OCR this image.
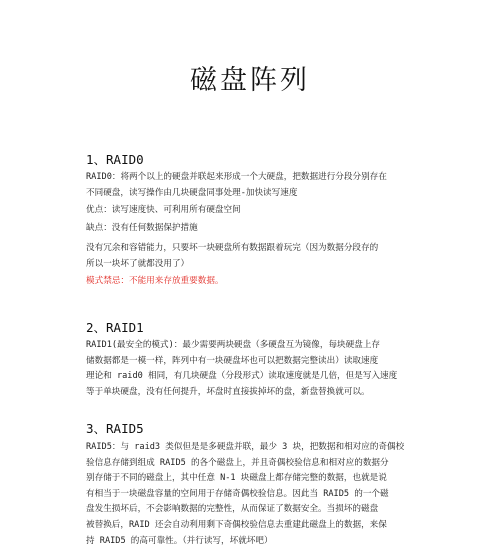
磁盘阵列
1、RAID0
RAID0：将两个以上的硬盘并联起来形成一个大硬盘，把数据进行分段分别存在
不同硬盘，读写操作由几块硬盘同事处理-加快读写速度
优点：读写速度快、可利用所有硬盘空间
缺点：没有任何数据保护措施
没有冗余和容错能力，只要坏一块硬盘所有数据跟着玩完（因为数据分段存的
所以一块坏了就都没用了）
模式禁忌：不能用来存放重要数据。
2、RAID1
RAID1(最安全的模式)：最少需要两块硬盘（多硬盘互为镜像，每块硬盘上存
储数据都是一模一样，阵列中有一块硬盘坏也可以把数据完整读出）读取速度
理论和 raid0 相同，有几块硬盘（分段形式）读取速度就是几倍，但是写入速度
等于单块硬盘，没有任何提升，坏盘时直接拔掉坏的盘，新盘替换就可以。
3、RAID5
RAID5：与 raid3 类似但是是多硬盘并联，最少 3 块，把数据和相对应的奇偶校
验信息存储到组成 RAID5 的各个磁盘上，并且奇偶校验信息和相对应的数据分
别存储于不同的磁盘上，其中任意 N-1 块磁盘上都存储完整的数据，也就是说
有相当于一块磁盘容量的空间用于存储奇偶校验信息。因此当 RAID5 的一个磁
盘发生损坏后，不会影响数据的完整性，从而保证了数据安全。当损坏的磁盘
被替换后，RAID 还会自动利用剩下奇偶校验信息去重建此磁盘上的数据，来保
持 RAID5 的高可靠性。（并行读写，坏就坏吧）
